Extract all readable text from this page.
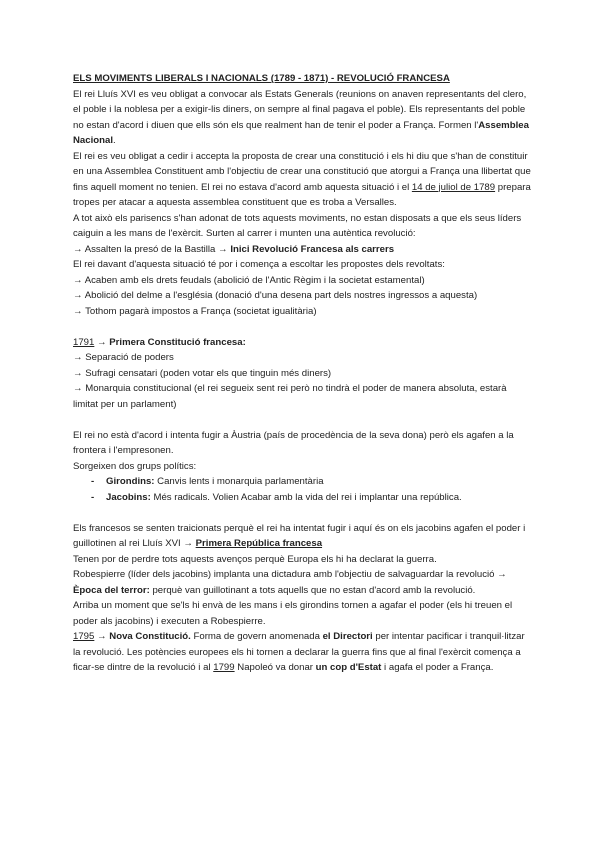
ELS MOVIMENTS LIBERALS I NACIONALS (1789 - 1871) - REVOLUCIÓ FRANCESA

El rei Lluís XVI es veu obligat a convocar als Estats Generals (reunions on anaven representants del clero, el poble i la noblesa per a exigir-lis diners, on sempre al final pagava el poble). Els representants del poble no estan d'acord i diuen que ells són els que realment han de tenir el poder a França. Formen l'Assemblea Nacional.

El rei es veu obligat a cedir i accepta la proposta de crear una constitució i els hi diu que s'han de constituir en una Assemblea Constituent amb l'objectiu de crear una constitució que atorgui a França una llibertat que fins aquell moment no tenien. El rei no estava d'acord amb aquesta situació i el 14 de juliol de 1789 prepara tropes per atacar a aquesta assemblea constituent que es troba a Versalles.

A tot això els parisencs s'han adonat de tots aquests moviments, no estan disposats a que els seus líders caiguin a les mans de l'exèrcit. Surten al carrer i munten una autèntica revolució:

→ Assalten la presó de la Bastilla → Inici Revolució Francesa als carrers

El rei davant d'aquesta situació té por i comença a escoltar les propostes dels revoltats:

→ Acaben amb els drets feudals (abolició de l'Antic Règim i la societat estamental)

→ Abolició del delme a l'església (donació d'una desena part dels nostres ingressos a aquesta)

→ Tothom pagarà impostos a França (societat igualitària)

1791 → Primera Constitució francesa:

→ Separació de poders

→ Sufragi censatari (poden votar els que tinguin més diners)

→ Monarquia constitucional (el rei segueix sent rei però no tindrà el poder de manera absoluta, estarà limitat per un parlament)

El rei no està d'acord i intenta fugir a Àustria (país de procedència de la seva dona) però els agafen a la frontera i l'empresonen.

Sorgeixen dos grups polítics:

- Girondins: Canvis lents i monarquia parlamentària
- Jacobins: Més radicals. Volien Acabar amb la vida del rei i implantar una república.

Els francesos se senten traicionats perquè el rei ha intentat fugir i aquí és on els jacobins agafen el poder i guillotinen al rei Lluís XVI → Primera República francesa

Tenen por de perdre tots aquests avenços perquè Europa els hi ha declarat la guerra.

Robespierre (líder dels jacobins) implanta una dictadura amb l'objectiu de salvaguardar la revolució → Època del terror: perquè van guillotinant a tots aquells que no estan d'acord amb la revolució.

Arriba un moment que se'ls hi envà de les mans i els girondins tornen a agafar el poder (els hi treuen el poder als jacobins) i executen a Robespierre.

1795 → Nova Constitució. Forma de govern anomenada el Directori per intentar pacificar i tranquil·litzar la revolució. Les potències europees els hi tornen a declarar la guerra fins que al final l'exèrcit comença a ficar-se dintre de la revolució i al 1799 Napoleó va donar un cop d'Estat i agafa el poder a França.
